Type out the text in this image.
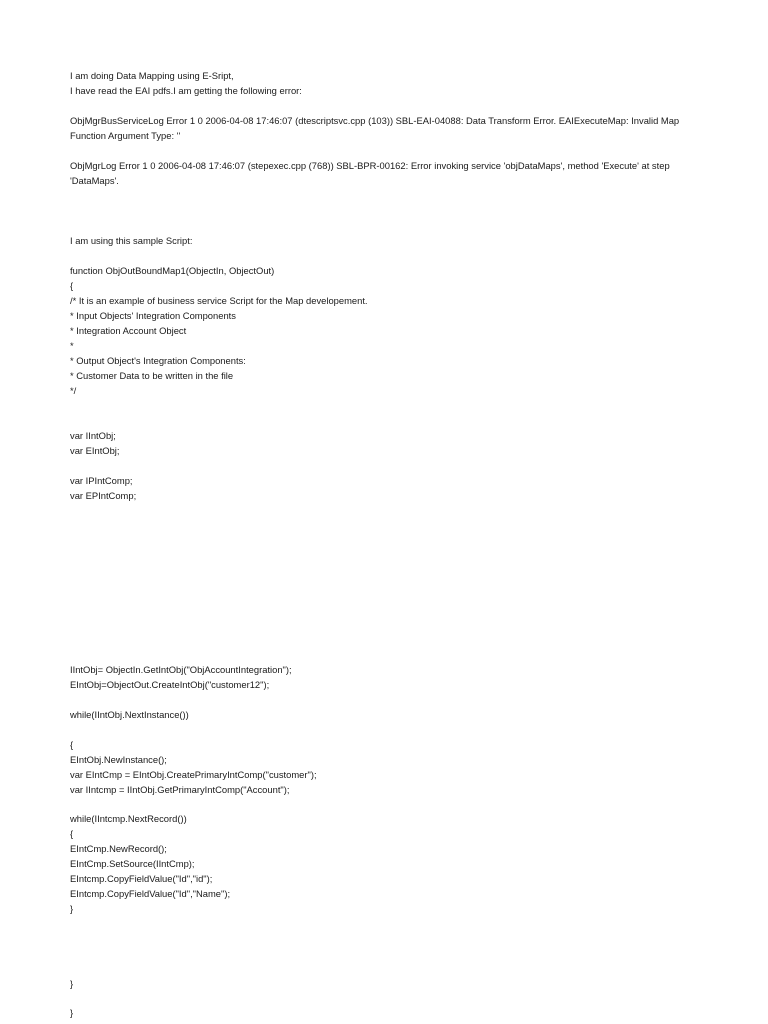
I am doing Data Mapping using E-Sript,
I have read the EAI pdfs.I am getting the following error:
ObjMgrBusServiceLog Error 1 0 2006-04-08 17:46:07 (dtescriptsvc.cpp (103)) SBL-EAI-04088: Data Transform Error. EAIExecuteMap: Invalid Map
Function Argument Type: ''
ObjMgrLog Error 1 0 2006-04-08 17:46:07 (stepexec.cpp (768)) SBL-BPR-00162: Error invoking service 'objDataMaps', method 'Execute' at step
'DataMaps'.
I am using this sample Script:
function ObjOutBoundMap1(ObjectIn, ObjectOut)
{
/* It is an example of business service Script for the Map developement.
* Input Objects' Integration Components
* Integration Account Object
*
* Output Object's Integration Components:
* Customer Data to be written in the file
*/
var IIntObj;
var EIntObj;
var IPIntComp;
var EPIntComp;
IIntObj= ObjectIn.GetIntObj("ObjAccountIntegration");
EIntObj=ObjectOut.CreateIntObj("customer12");
while(IIntObj.NextInstance())
{
EIntObj.NewInstance();
var EIntCmp = EIntObj.CreatePrimaryIntComp("customer");
var IIntcmp = IIntObj.GetPrimaryIntComp("Account");
while(IIntcmp.NextRecord())
{
EIntCmp.NewRecord();
EIntCmp.SetSource(IIntCmp);
EIntcmp.CopyFieldValue("Id","id");
EIntcmp.CopyFieldValue("Id","Name");
}
}
}
